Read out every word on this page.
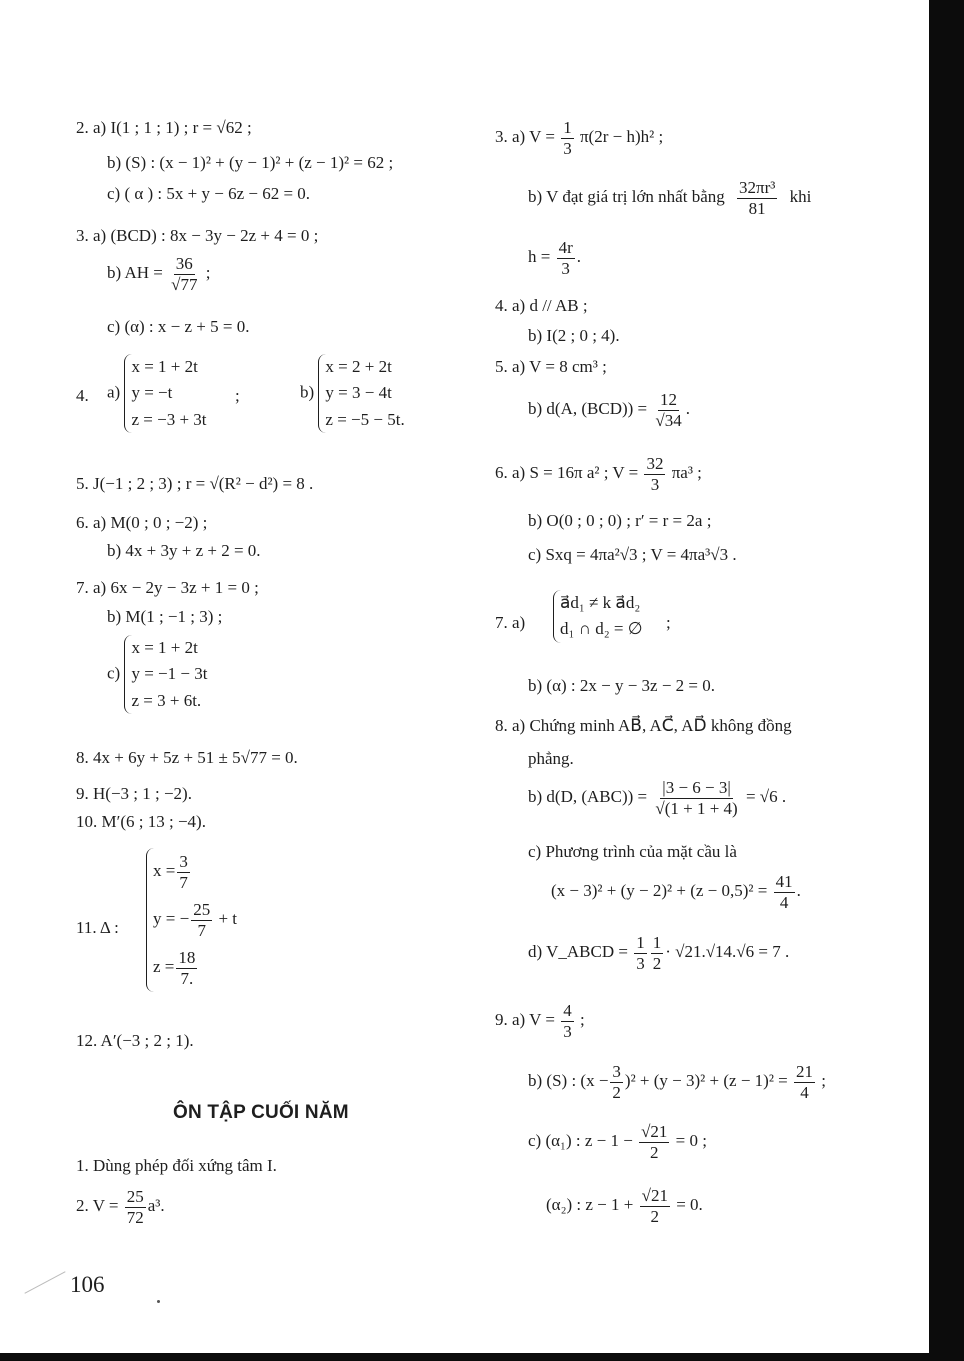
2. a) I(1 ; 1 ; 1) ; r = √62 ;
b) (S) : (x − 1)² + (y − 1)² + (z − 1)² = 62 ;
c) ( α ) : 5x + y − 6z − 62 = 0.
3. a) (BCD) : 8x − 3y − 2z + 4 = 0 ;
b) AH = $\frac{36}{√77}$ ;
c) (α) : x − z + 5 = 0.
4. a)
x = 1 + 2t
y = −t
z = −3 + 3t
;	b)
x = 2 + 2t
y = 3 − 4t
z = −5 − 5t.
5. J(−1 ; 2 ; 3) ; r = √(R² − d²) = 8 .
6. a) M(0 ; 0 ; −2) ;
b) 4x + 3y + z + 2 = 0.
7. a) 6x − 2y − 3z + 1 = 0 ;
b) M(1 ; −1 ; 3) ;
c)
x = 1 + 2t
y = −1 − 3t
z = 3 + 6t.
8. 4x + 6y + 5z + 51 ± 5√77 = 0.
9. H(−3 ; 1 ; −2).
10. M′(6 ; 13 ; −4).
11. Δ :
$x = \frac{3}{7}$
y = − $\frac{25}{7} + t$
$z = \frac{18}{7.}$
12. A′(−3 ; 2 ; 1).
ÔN TẬP CUỐI NĂM
1. Dùng phép đối xứng tâm I.
2. $V = \frac{25}{72} a^3$.
106
3. a) $V = \frac{1}{3} \pi(2r - h)h^2$ ;
b) V đạt giá trị lớn nhất bằng $\frac{\text{32πr³}}{81}$ khi
$h = \frac{4r}{3}$ .
4. a) d // AB ;
b) I(2 ; 0 ; 4).
5. a) V = 8 cm³ ;
b) d(A, $(BCD)) = \frac{12}{√34}$ .
6. a) S = 16π a² ; $V = \frac{32}{3} \pi a^3$ ;
b) O(0 ; 0 ; 0) ; r′ = r = 2a ;
c) Sxq = 4πa²√3 ; V = 4πa³√3 .
7. a)
a⃗d₁ ≠ k a⃗d₂
d₁ ∩ d₂ = ∅ ;
b) (α) : 2x − y − 3z − 2 = 0.
8. a) Chứng minh AB⃗, AC⃗, AD⃗ không đồng
phẳng.
b) d(D, $(ABC)) = \frac{|3 - 6 - 3|}{√(1 + 1 + 4)} = √6$ .
c) Phương trình của mặt cầu là
$(x - 3)^2 + (y - 2)^2 + (z - 0,5)^2 = \frac{41}{4}$ .
d) V_ABCD = $\frac{1}{3} \frac{1}{2} \cdot √21.√14.√6 = 7$ .
9. a) $V = \frac{4}{3}$ ;
b) (S) : $(x - \frac{3}{2} )^2 + (y - 3)^2 + (z - 1)^2 = \frac{21}{4}$ ;
c) (α₁) : $z - 1 - \frac{√21}{2} = 0$ ;
(α₂) : $z - 1 + \frac{√21}{2} = 0$.
